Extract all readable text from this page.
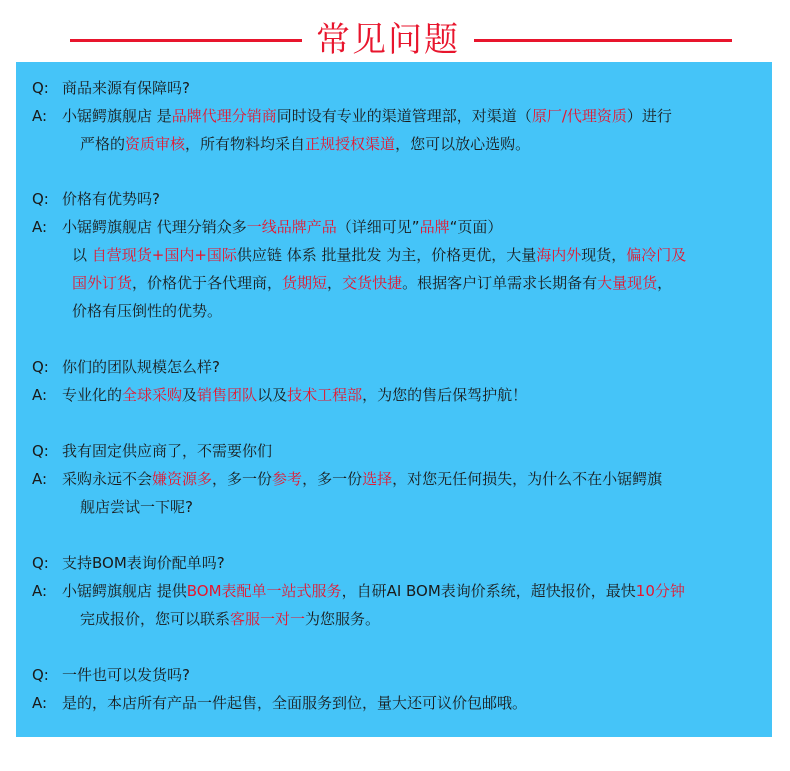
常见问题
Q: 商品来源有保障吗?
A: 小锯鳄旗舰店 是品牌代理分销商同时设有专业的渠道管理部，对渠道（原厂/代理资质）进行
严格的资质审核，所有物料均采自正规授权渠道，您可以放心选购。
Q: 价格有优势吗?
A: 小锯鳄旗舰店 代理分销众多一线品牌产品（详细可见”品牌“页面）
以 自营现货+国内+国际供应链 体系 批量批发 为主，价格更优，大量海内外现货，偏冷门及
国外订货，价格优于各代理商，货期短，交货快捷。根据客户订单需求长期备有大量现货，
价格有压倒性的优势。
Q: 你们的团队规模怎么样?
A: 专业化的全球采购及销售团队以及技术工程部，为您的售后保驾护航！
Q: 我有固定供应商了，不需要你们
A: 采购永远不会嫌资源多，多一份参考，多一份选择，对您无任何损失，为什么不在小锯鳄旗
舰店尝试一下呢?
Q: 支持BOM表询价配单吗?
A: 小锯鳄旗舰店 提供BOM表配单一站式服务，自研AI BOM表询价系统，超快报价，最快10分钟
完成报价，您可以联系客服一对一为您服务。
Q: 一件也可以发货吗?
A: 是的，本店所有产品一件起售，全面服务到位，量大还可议价包邮哦。
